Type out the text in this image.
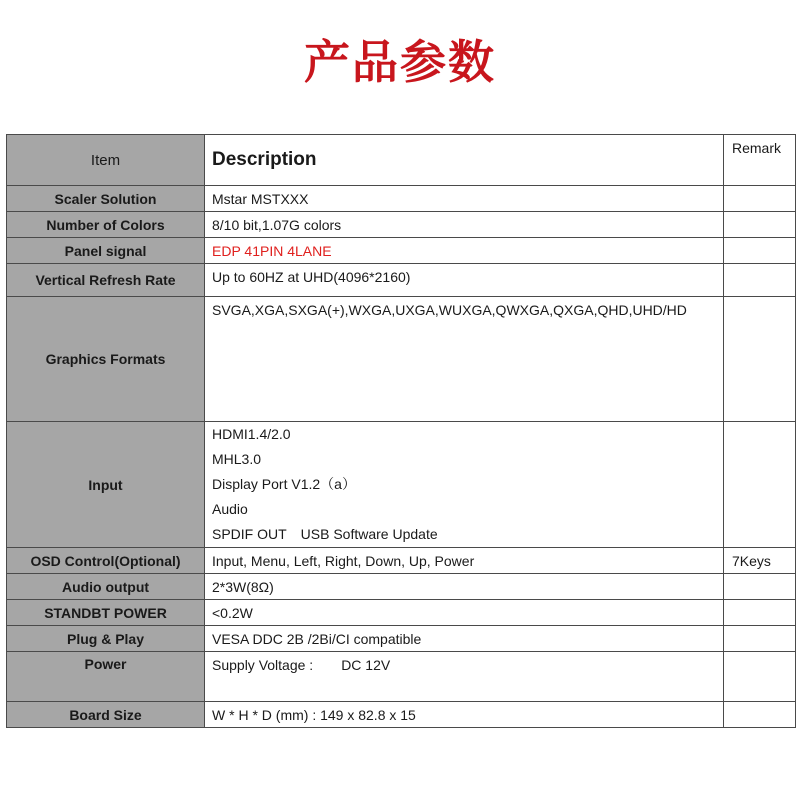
产品参数
Item	Description	Remark
Scaler Solution	Mstar MSTXXX	
Number of Colors	8/10 bit,1.07G colors	
Panel signal	EDP 41PIN 4LANE	
Vertical Refresh Rate	Up to 60HZ at UHD(4096*2160)	
Graphics Formats	SVGA,XGA,SXGA(+),WXGA,UXGA,WUXGA,QWXGA,QXGA,QHD,UHD/HD	
Input	HDMI1.4/2.0
MHL3.0
Display Port V1.2（a）
Audio
SPDIF OUT USB Software Update	

OSD Control(Optional)	Input, Menu, Left, Right, Down, Up, Power	7Keys
Audio output	2*3W(8Ω)	
STANDBT POWER	<0.2W	
Plug & Play	VESA DDC 2B /2Bi/CI compatible	
Power	Supply Voltage : DC 12V	
Board Size	W * H * D (mm) : 149 x 82.8 x 15	
